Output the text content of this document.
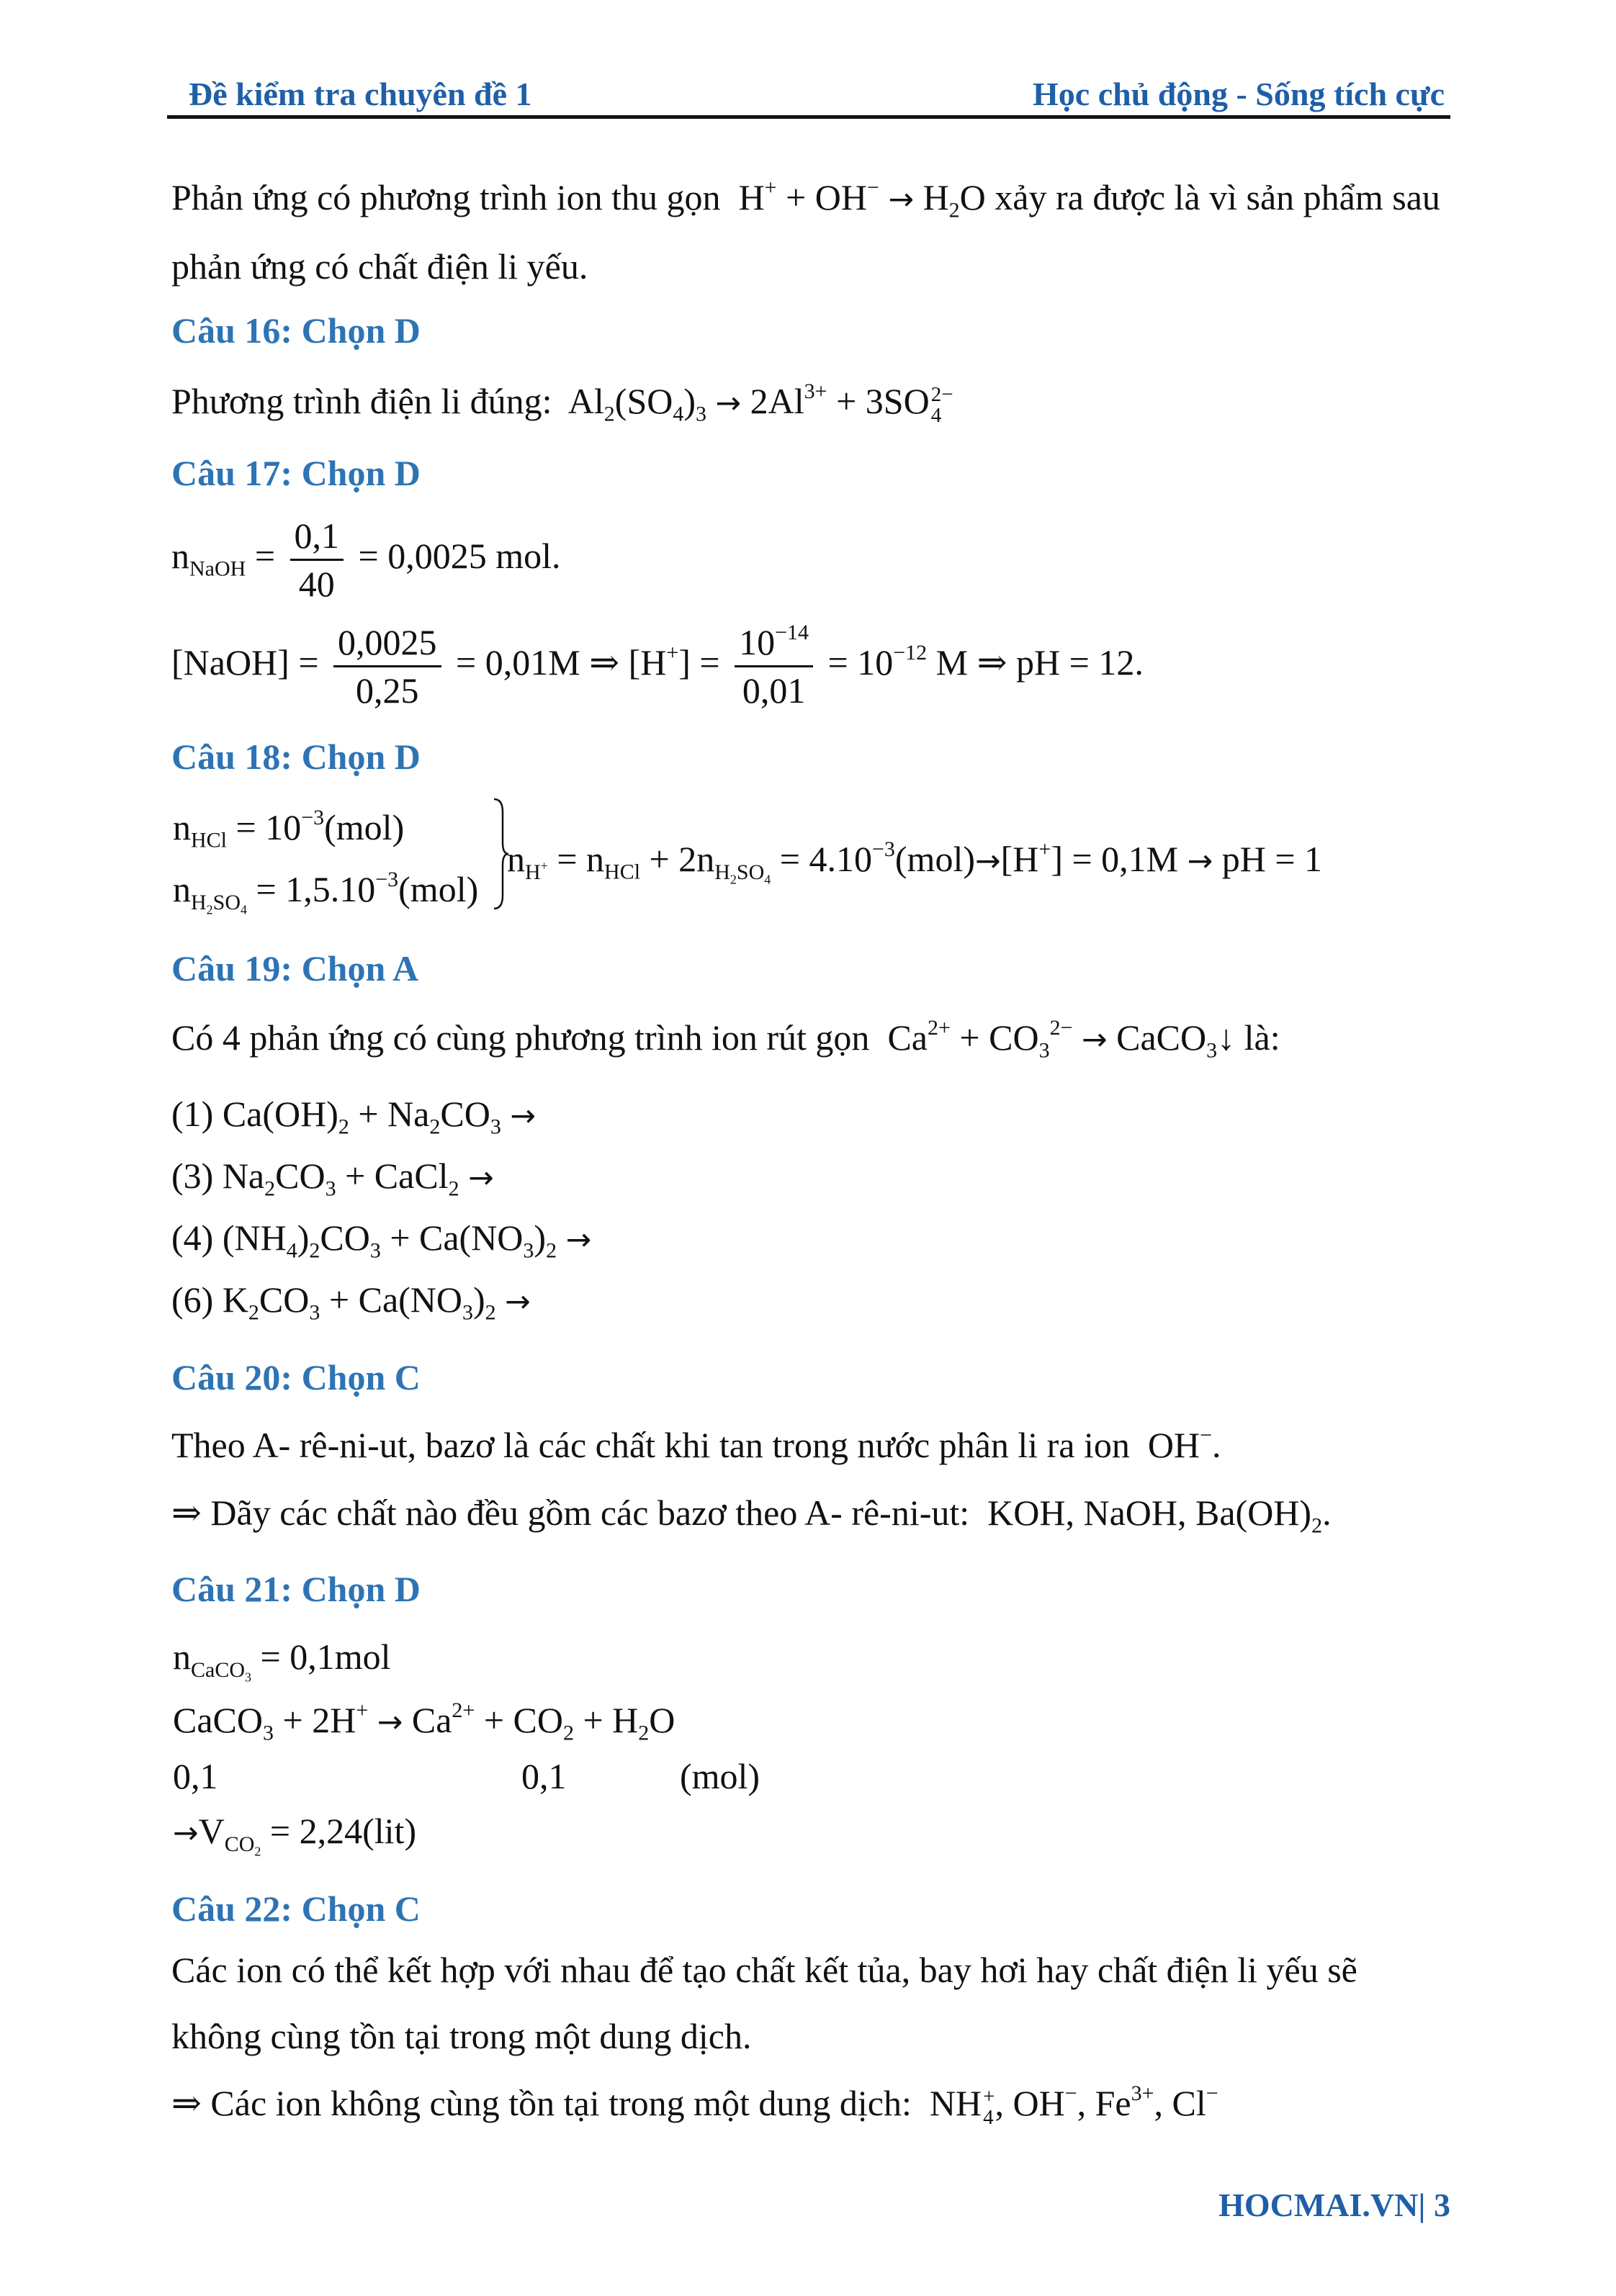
Đề kiểm tra chuyên đề 1	Học chủ động - Sống tích cực
Phản ứng có phương trình ion thu gọn  $H^+ + OH^- \to H_2O$ xảy ra được là vì sản phẩm sau phản ứng có chất điện li yếu.
Câu 16: Chọn D
Phương trình điện li đúng:  $Al_2(SO_4)_3 \to 2Al^{3+} + 3SO$ 2−
4
Câu 17: Chọn D
$n_{NaOH} = \frac{0,1}{40} = 0,0025$ mol.
[NaOH] = $\frac{0,0025}{0,25} = 0,01M$ ⇒ $[H^+] = \frac{10^{-14}}{0,01} = 10^{-12}$ M ⇒ pH = 12.
Câu 18: Chọn D
$n_{HCl} = 10^{-3}(mol)$
$n_{H_2SO_4} = 1,5.10^{-3}(mol)$
$n_{H^+} = n_{HCl} + 2n_{H_2SO_4} = 4.10^{-3}(mol)\to[H^+] = 0,1M$ → pH = 1
Câu 19: Chọn A
Có 4 phản ứng có cùng phương trình ion rút gọn  $Ca^{2+} + CO_3^{2-}$ → CaCO$_3$↓ là:
(1) $Ca(OH)_2 + Na_2CO_3$ →
(3) $Na_2CO_3$ + CaCl$_2$ →
(4) $(NH_4)_2CO_3 + Ca(NO_3)_2$ →
(6) $K_2CO_3 + Ca(NO_3)_2$ →
Câu 20: Chọn C
Theo A- rê-ni-ut, bazơ là các chất khi tan trong nước phân li ra ion  OH−.
⇒ Dãy các chất nào đều gồm các bazơ theo A- rê-ni-ut: KOH, NaOH, $Ba(OH)_2$.
Câu 21: Chọn D
$n_{CaCO_3} = 0,1mol$
CaCO$_3$ + $2H^+ \to Ca^{2+} + CO_2 + H_2O$
0,1	0,1	(mol)
$\to V_{CO_2} = 2,24(lit)$
Câu 22: Chọn C
Các ion có thể kết hợp với nhau để tạo chất kết tủa, bay hơi hay chất điện li yếu sẽ không cùng tồn tại trong một dung dịch.
⇒ Các ion không cùng tồn tại trong một dung dịch:  NH +
4 , OH−, $Fe^{3+}$, Cl−
HOCMAI.VN| 3
